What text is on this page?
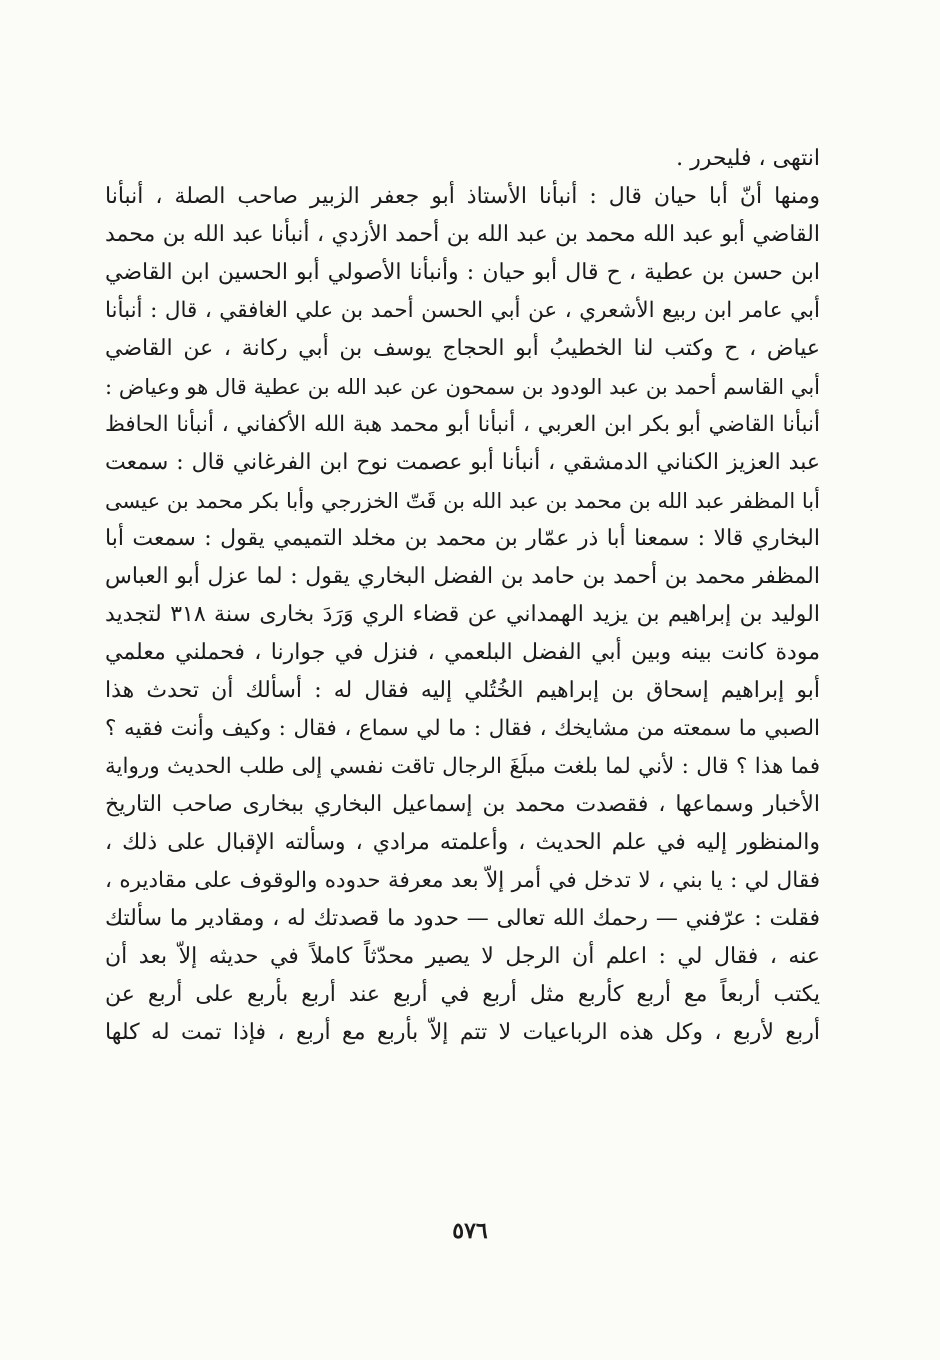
انتهى ، فليحرر .
ومنها أنّ أبا حيان قال : أنبأنا الأستاذ أبو جعفر الزبير صاحب الصلة ، أنبأنا
القاضي أبو عبد الله محمد بن عبد الله بن أحمد الأزدي ، أنبأنا عبد الله بن محمد
ابن حسن بن عطية ، ح قال أبو حيان : وأنبأنا الأصولي أبو الحسين ابن القاضي
أبي عامر ابن ربيع الأشعري ، عن أبي الحسن أحمد بن علي الغافقي ، قال : أنبأنا
عياض ، ح وكتب لنا الخطيبُ أبو الحجاج يوسف بن أبي ركانة ، عن القاضي
أبي القاسم أحمد بن عبد الودود بن سمحون عن عبد الله بن عطية قال هو وعياض :
أنبأنا القاضي أبو بكر ابن العربي ، أنبأنا أبو محمد هبة الله الأكفاني ، أنبأنا الحافظ
عبد العزيز الكناني الدمشقي ، أنبأنا أبو عصمت نوح ابن الفرغاني قال : سمعت
أبا المظفر عبد الله بن محمد بن عبد الله بن قَتّ الخزرجي وأبا بكر محمد بن عيسى
البخاري قالا : سمعنا أبا ذر عمّار بن محمد بن مخلد التميمي يقول : سمعت أبا
المظفر محمد بن أحمد بن حامد بن الفضل البخاري يقول : لما عزل أبو العباس
الوليد بن إبراهيم بن يزيد الهمداني عن قضاء الري وَرَدَ بخارى سنة ٣١٨ لتجديد
مودة كانت بينه وبين أبي الفضل البلعمي ، فنزل في جوارنا ، فحملني معلمي
أبو إبراهيم إسحاق بن إبراهيم الخُتُلي إليه فقال له : أسألك أن تحدث هذا
الصبي ما سمعته من مشايخك ، فقال : ما لي سماع ، فقال : وكيف وأنت فقيه ؟
فما هذا ؟ قال : لأني لما بلغت مبلَغَ الرجال تاقت نفسي إلى طلب الحديث ورواية
الأخبار وسماعها ، فقصدت محمد بن إسماعيل البخاري ببخارى صاحب التاريخ
والمنظور إليه في علم الحديث ، وأعلمته مرادي ، وسألته الإقبال على ذلك ،
فقال لي : يا بني ، لا تدخل في أمر إلاّ بعد معرفة حدوده والوقوف على مقاديره ،
فقلت : عرّفني — رحمك الله تعالى — حدود ما قصدتك له ، ومقادير ما سألتك
عنه ، فقال لي : اعلم أن الرجل لا يصير محدّثاً كاملاً في حديثه إلاّ بعد أن
يكتب أربعاً مع أربع كأربع مثل أربع في أربع عند أربع بأربع على أربع عن
أربع لأربع ، وكل هذه الرباعيات لا تتم إلاّ بأربع مع أربع ، فإذا تمت له كلها
٥٧٦
